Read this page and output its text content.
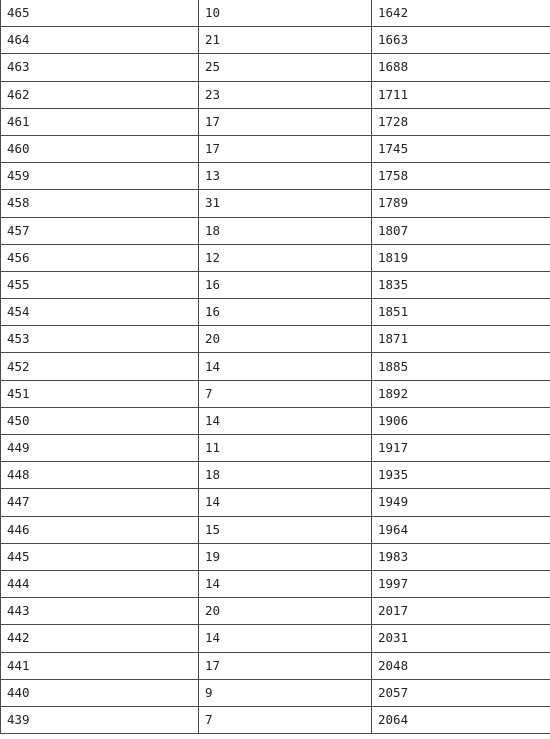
465	10	1642
464	21	1663
463	25	1688
462	23	1711
461	17	1728
460	17	1745
459	13	1758
458	31	1789
457	18	1807
456	12	1819
455	16	1835
454	16	1851
453	20	1871
452	14	1885
451	7	1892
450	14	1906
449	11	1917
448	18	1935
447	14	1949
446	15	1964
445	19	1983
444	14	1997
443	20	2017
442	14	2031
441	17	2048
440	9	2057
439	7	2064
